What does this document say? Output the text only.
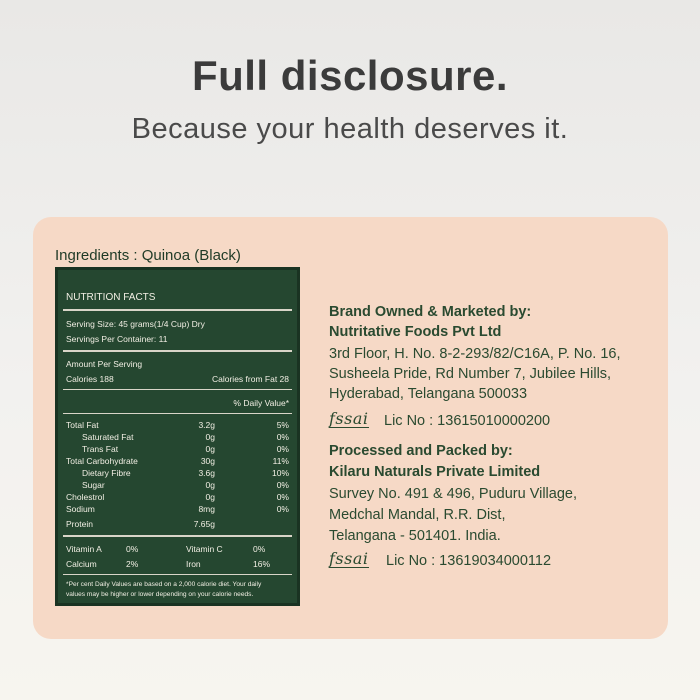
Full disclosure.
Because your health deserves it.
Ingredients : Quinoa (Black)
NUTRITION FACTS
Serving Size: 45 grams(1/4 Cup) Dry
Servings Per Container: 11
Amount Per Serving
Calories 188	Calories from Fat 28
% Daily Value*
Total Fat	3.2g	5%
Saturated Fat	0g	0%
Trans Fat	0g	0%
Total Carbohydrate	30g	11%
Dietary Fibre	3.6g	10%
Sugar	0g	0%
Cholestrol	0g	0%
Sodium	8mg	0%
Protein	7.65g
Vitamin A	0%	Vitamin C	0%
Calcium	2%	Iron	16%
*Per cent Daily Values are based on a 2,000 calorie diet. Your daily
values may be higher or lower depending on your calorie needs.
Brand Owned & Marketed by:
Nutritative Foods Pvt Ltd
3rd Floor, H. No. 8-2-293/82/C16A, P. No. 16,
Susheela Pride, Rd Number 7, Jubilee Hills,
Hyderabad, Telangana 500033
fssai Lic No : 13615010000200
Processed and Packed by:
Kilaru Naturals Private Limited
Survey No. 491 & 496, Puduru Village,
Medchal Mandal, R.R. Dist,
Telangana - 501401. India.
fssai Lic No : 13619034000112
